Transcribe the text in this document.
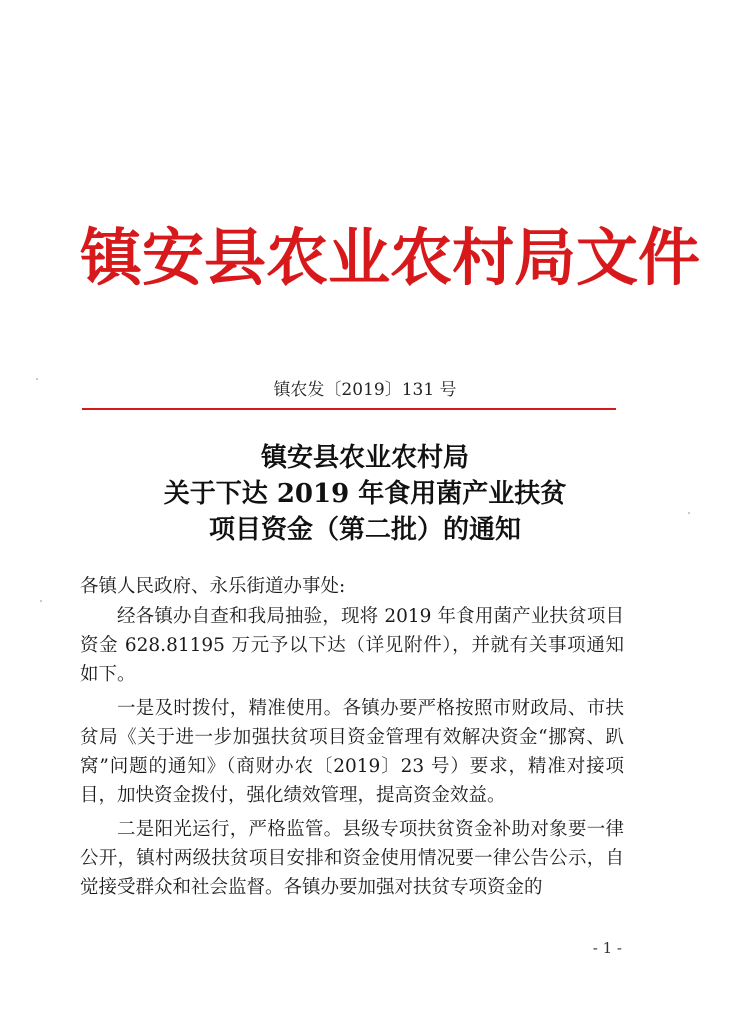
镇安县农业农村局文件
镇农发〔2019〕131 号
镇安县农业农村局
关于下达 2019 年食用菌产业扶贫
项目资金（第二批）的通知

各镇人民政府、永乐街道办事处:

经各镇办自查和我局抽验，现将 2019 年食用菌产业扶贫项目资金 628.81195 万元予以下达（详见附件），并就有关事项通知如下。

一是及时拨付，精准使用。各镇办要严格按照市财政局、市扶贫局《关于进一步加强扶贫项目资金管理有效解决资金“挪窝、趴窝”问题的通知》（商财办农〔2019〕23 号）要求，精准对接项目，加快资金拨付，强化绩效管理，提高资金效益。

二是阳光运行，严格监管。县级专项扶贫资金补助对象要一律公开，镇村两级扶贫项目安排和资金使用情况要一律公告公示，自觉接受群众和社会监督。各镇办要加强对扶贫专项资金的

- 1 -
